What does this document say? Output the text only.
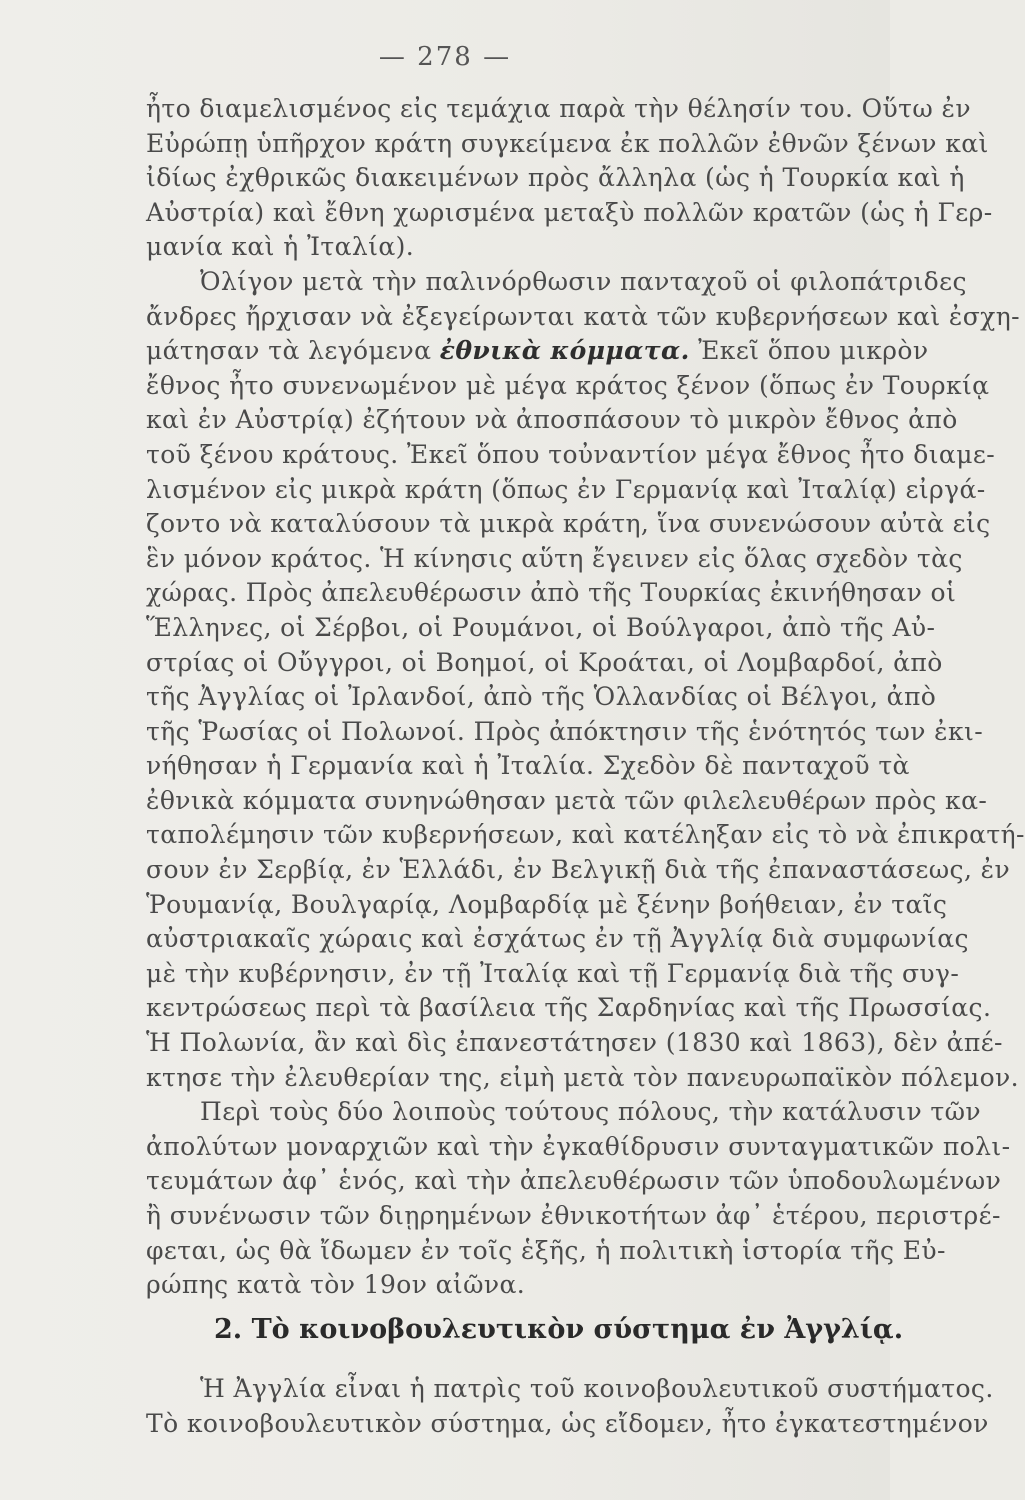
— 278 —
ἦτο διαμελισμένος εἰς τεμάχια παρὰ τὴν θέλησίν του. Οὕτω ἐν
Εὐρώπῃ ὑπῆρχον κράτη συγκείμενα ἐκ πολλῶν ἐθνῶν ξένων καὶ
ἰδίως ἐχθρικῶς διακειμένων πρὸς ἄλληλα (ὡς ἡ Τουρκία καὶ ἡ
Αὐστρία) καὶ ἔθνη χωρισμένα μεταξὺ πολλῶν κρατῶν (ὡς ἡ Γερ-
μανία καὶ ἡ Ἰταλία).
Ὀλίγον μετὰ τὴν παλινόρθωσιν πανταχοῦ οἱ φιλοπάτριδες
ἄνδρες ἤρχισαν νὰ ἐξεγείρωνται κατὰ τῶν κυβερνήσεων καὶ ἐσχη-
μάτησαν τὰ λεγόμενα ἐθνικὰ κόμματα. Ἐκεῖ ὅπου μικρὸν
ἔθνος ἦτο συνενωμένον μὲ μέγα κράτος ξένον (ὅπως ἐν Τουρκίᾳ
καὶ ἐν Αὐστρίᾳ) ἐζήτουν νὰ ἀποσπάσουν τὸ μικρὸν ἔθνος ἀπὸ
τοῦ ξένου κράτους. Ἐκεῖ ὅπου τοὐναντίον μέγα ἔθνος ἦτο διαμε-
λισμένον εἰς μικρὰ κράτη (ὅπως ἐν Γερμανίᾳ καὶ Ἰταλίᾳ) εἰργά-
ζοντο νὰ καταλύσουν τὰ μικρὰ κράτη, ἵνα συνενώσουν αὐτὰ εἰς
ἓν μόνον κράτος. Ἡ κίνησις αὕτη ἔγεινεν εἰς ὅλας σχεδὸν τὰς
χώρας. Πρὸς ἀπελευθέρωσιν ἀπὸ τῆς Τουρκίας ἐκινήθησαν οἱ
Ἕλληνες, οἱ Σέρβοι, οἱ Ρουμάνοι, οἱ Βούλγαροι, ἀπὸ τῆς Αὐ-
στρίας οἱ Οὔγγροι, οἱ Βοημοί, οἱ Κροάται, οἱ Λομβαρδοί, ἀπὸ
τῆς Ἀγγλίας οἱ Ἰρλανδοί, ἀπὸ τῆς Ὁλλανδίας οἱ Βέλγοι, ἀπὸ
τῆς Ῥωσίας οἱ Πολωνοί. Πρὸς ἀπόκτησιν τῆς ἑνότητός των ἐκι-
νήθησαν ἡ Γερμανία καὶ ἡ Ἰταλία. Σχεδὸν δὲ πανταχοῦ τὰ
ἐθνικὰ κόμματα συνηνώθησαν μετὰ τῶν φιλελευθέρων πρὸς κα-
ταπολέμησιν τῶν κυβερνήσεων, καὶ κατέληξαν εἰς τὸ νὰ ἐπικρατή-
σουν ἐν Σερβίᾳ, ἐν Ἑλλάδι, ἐν Βελγικῇ διὰ τῆς ἐπαναστάσεως, ἐν
Ῥουμανίᾳ, Βουλγαρίᾳ, Λομβαρδίᾳ μὲ ξένην βοήθειαν, ἐν ταῖς
αὐστριακαῖς χώραις καὶ ἐσχάτως ἐν τῇ Ἀγγλίᾳ διὰ συμφωνίας
μὲ τὴν κυβέρνησιν, ἐν τῇ Ἰταλίᾳ καὶ τῇ Γερμανίᾳ διὰ τῆς συγ-
κεντρώσεως περὶ τὰ βασίλεια τῆς Σαρδηνίας καὶ τῆς Πρωσσίας.
Ἡ Πολωνία, ἂν καὶ δὶς ἐπανεστάτησεν (1830 καὶ 1863), δὲν ἀπέ-
κτησε τὴν ἐλευθερίαν της, εἰμὴ μετὰ τὸν πανευρωπαϊκὸν πόλεμον.
Περὶ τοὺς δύο λοιποὺς τούτους πόλους, τὴν κατάλυσιν τῶν
ἀπολύτων μοναρχιῶν καὶ τὴν ἐγκαθίδρυσιν συνταγματικῶν πολι-
τευμάτων ἀφ᾿ ἑνός, καὶ τὴν ἀπελευθέρωσιν τῶν ὑποδουλωμένων
ἢ συνένωσιν τῶν διῃρημένων ἐθνικοτήτων ἀφ᾿ ἑτέρου, περιστρέ-
φεται, ὡς θὰ ἴδωμεν ἐν τοῖς ἑξῆς, ἡ πολιτικὴ ἱστορία τῆς Εὐ-
ρώπης κατὰ τὸν 19ον αἰῶνα.
2. Τὸ κοινοβουλευτικὸν σύστημα ἐν Ἀγγλίᾳ.
Ἡ Ἀγγλία εἶναι ἡ πατρὶς τοῦ κοινοβουλευτικοῦ συστήματος.
Τὸ κοινοβουλευτικὸν σύστημα, ὡς εἴδομεν, ἦτο ἐγκατεστημένον
